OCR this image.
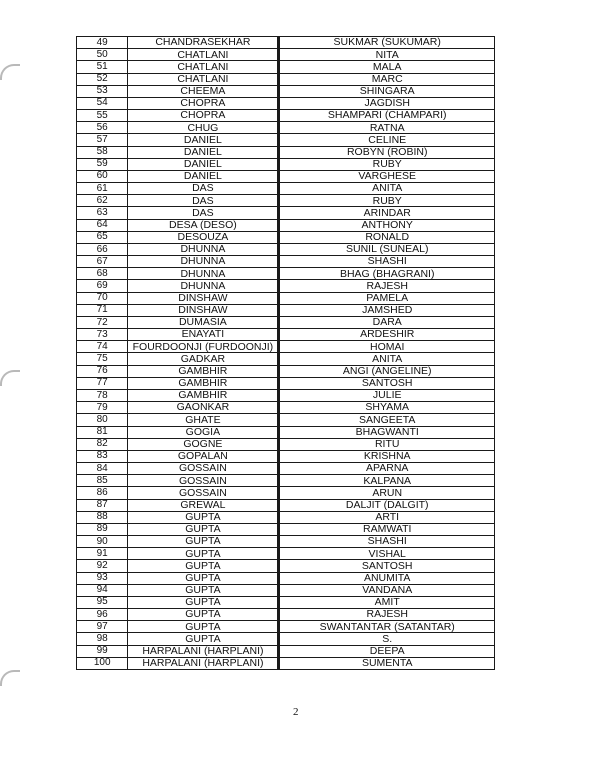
49	CHANDRASEKHAR	SUKMAR (SUKUMAR)
50	CHATLANI	NITA
51	CHATLANI	MALA
52	CHATLANI	MARC
53	CHEEMA	SHINGARA
54	CHOPRA	JAGDISH
55	CHOPRA	SHAMPARI (CHAMPARI)
56	CHUG	RATNA
57	DANIEL	CELINE
58	DANIEL	ROBYN (ROBIN)
59	DANIEL	RUBY
60	DANIEL	VARGHESE
61	DAS	ANITA
62	DAS	RUBY
63	DAS	ARINDAR
64	DESA (DESO)	ANTHONY
65	DESOUZA	RONALD
66	DHUNNA	SUNIL (SUNEAL)
67	DHUNNA	SHASHI
68	DHUNNA	BHAG (BHAGRANI)
69	DHUNNA	RAJESH
70	DINSHAW	PAMELA
71	DINSHAW	JAMSHED
72	DUMASIA	DARA
73	ENAYATI	ARDESHIR
74	FOURDOONJI (FURDOONJI)	HOMAI
75	GADKAR	ANITA
76	GAMBHIR	ANGI (ANGELINE)
77	GAMBHIR	SANTOSH
78	GAMBHIR	JULIE
79	GAONKAR	SHYAMA
80	GHATE	SANGEETA
81	GOGIA	BHAGWANTI
82	GOGNE	RITU
83	GOPALAN	KRISHNA
84	GOSSAIN	APARNA
85	GOSSAIN	KALPANA
86	GOSSAIN	ARUN
87	GREWAL	DALJIT (DALGIT)
88	GUPTA	ARTI
89	GUPTA	RAMWATI
90	GUPTA	SHASHI
91	GUPTA	VISHAL
92	GUPTA	SANTOSH
93	GUPTA	ANUMITA
94	GUPTA	VANDANA
95	GUPTA	AMIT
96	GUPTA	RAJESH
97	GUPTA	SWANTANTAR (SATANTAR)
98	GUPTA	S.
99	HARPALANI (HARPLANI)	DEEPA
100	HARPALANI (HARPLANI)	SUMENTA
2
